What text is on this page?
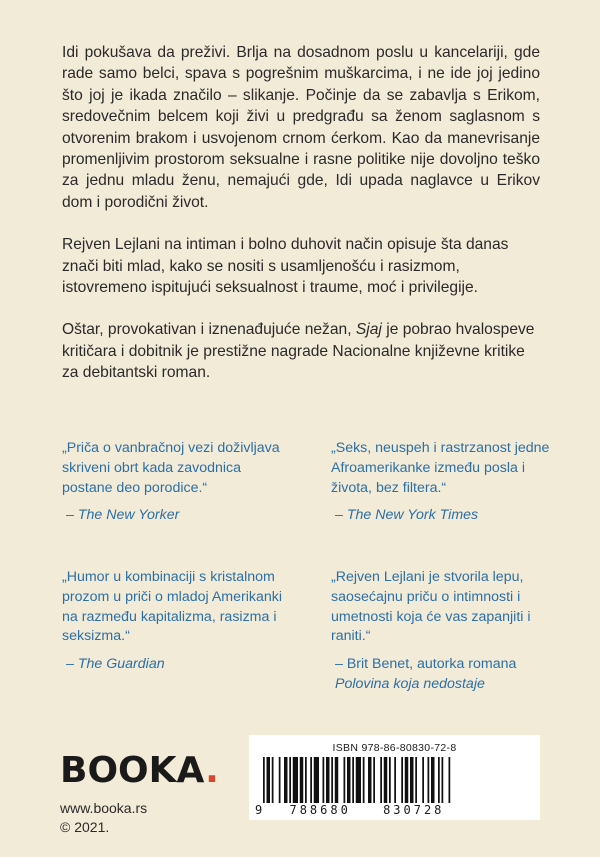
Idi pokušava da preživi. Brlja na dosadnom poslu u kancelariji, gde rade samo belci, spava s pogrešnim muškarcima, i ne ide joj jedino što joj je ikada značilo – slikanje. Počinje da se zabavlja s Erikom, sredovečnim belcem koji živi u predgrađu sa ženom saglasnom s otvorenim brakom i usvojenom crnom ćerkom. Kao da manevrisanje promenljivim prostorom seksualne i rasne politike nije dovoljno teško za jednu mladu ženu, nemajući gde, Idi upada naglavce u Erikov dom i porodični život.

Rejven Lejlani na intiman i bolno duhovit način opisuje šta danas znači biti mlad, kako se nositi s usamljenošću i rasizmom, istovremeno ispitujući seksualnost i traume, moć i privilegije.

Oštar, provokativan i iznenađujuće nežan, Sjaj je pobrao hvalospeve kritičara i dobitnik je prestižne nagrade Nacionalne književne kritike za debitantski roman.

„Priča o vanbračnoj vezi doživljava skriveni obrt kada zavodnica postane deo porodice.“
– The New Yorker
„Seks, neuspeh i rastrzanost jedne Afroamerikanke između posla i života, bez filtera.“
– The New York Times
„Humor u kombinaciji s kristalnom prozom u priči o mladoj Amerikanki na razmeđu kapitalizma, rasizma i seksizma.“
– The Guardian
„Rejven Lejlani je stvorila lepu, saosećajnu priču o intimnosti i umetnosti koja će vas zapanjiti i raniti.“
– Brit Benet, autorka romana
Polovina koja nedostaje
BOOKA.
www.booka.rs
© 2021.
ISBN 978-86-80830-72-8
9 788680	830728
